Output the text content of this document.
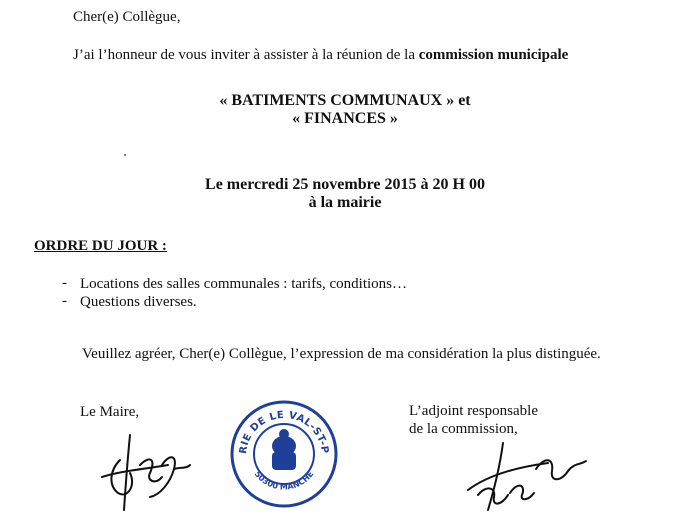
Cher(e) Collègue,
J’ai l’honneur de vous inviter à assister à la réunion de la commission municipale
« BATIMENTS COMMUNAUX » et
« FINANCES »
Le mercredi 25 novembre 2015 à 20 H 00
à la mairie
ORDRE DU JOUR :
- Locations des salles communales : tarifs, conditions…
- Questions diverses.
Veuillez agréer, Cher(e) Collègue, l’expression de ma considération la plus distinguée.
Le Maire,	L’adjoint responsable
de la commission,
MAIRIE DE LE VAL-ST-PERE
50300 MANCHE
